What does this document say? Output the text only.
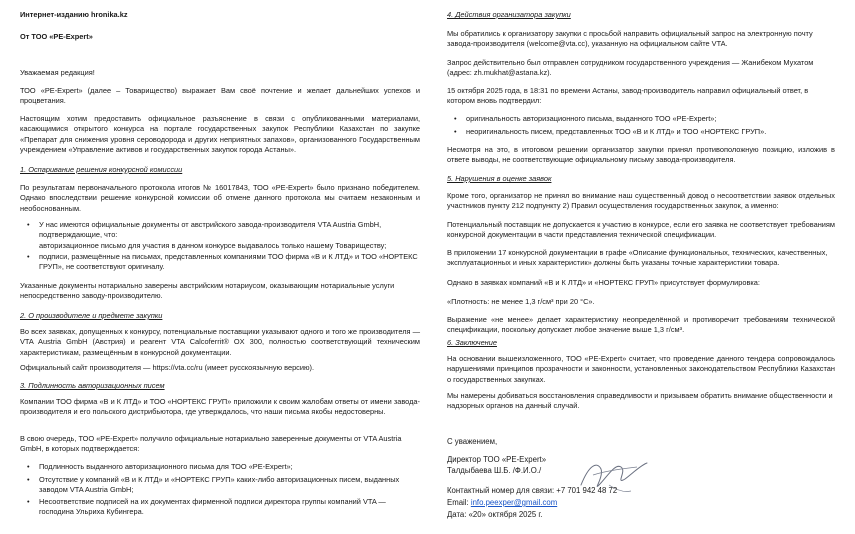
Интернет-изданию hronika.kz

От ТОО «PE-Expert»

Уважаемая редакция!

ТОО «PE-Expert» (далее – Товарищество) выражает Вам своё почтение и желает дальнейших успехов и процветания.

Настоящим хотим предоставить официальное разъяснение в связи с опубликованными материалами, касающимися открытого конкурса на портале государственных закупок Республики Казахстан по закупке «Препарат для снижения уровня сероводорода и других неприятных запахов», организованного Государственным учреждением «Управление активов и государственных закупок города Астаны».

1. Оспаривание решения конкурсной комиссии

По результатам первоначального протокола итогов № 16017843, ТОО «PE-Expert» было признано победителем. Однако впоследствии решение конкурсной комиссии об отмене данного протокола мы считаем незаконным и необоснованным.

• У нас имеются официальные документы от австрийского завода-производителя VTA Austria GmbH, подтверждающие, что:

авторизационное письмо для участия в данном конкурсе выдавалось только нашему Товариществу;

• подписи, размещённые на письмах, представленных компаниями ТОО фирма «В и К ЛТД» и ТОО «НОРТЕКС ГРУП», не соответствуют оригиналу.

Указанные документы нотариально заверены австрийским нотариусом, оказывающим нотариальные услуги непосредственно заводу-производителю.

2. О производителе и предмете закупки

Во всех заявках, допущенных к конкурсу, потенциальные поставщики указывают одного и того же производителя — VTA Austria GmbH (Австрия) и реагент VTA Calcoferrit® OX 300, полностью соответствующий техническим характеристикам, размещённым в конкурсной документации.

Официальный сайт производителя — https://vta.cc/ru (имеет русскоязычную версию).

3. Подлинность авторизационных писем

Компании ТОО фирма «В и К ЛТД» и ТОО «НОРТЕКС ГРУП» приложили к своим жалобам ответы от имени завода-производителя и его польского дистрибьютора, где утверждалось, что наши письма якобы недостоверны.

В свою очередь, ТОО «PE-Expert» получило официальные нотариально заверенные документы от VTA Austria GmbH, в которых подтверждается:

• Подлинность выданного авторизационного письма для ТОО «PE-Expert»;

• Отсутствие у компаний «В и К ЛТД» и «НОРТЕКС ГРУП» каких-либо авторизационных писем, выданных заводом VTA Austria GmbH;

• Несоответствие подписей на их документах фирменной подписи директора группы компаний VTA — господина Ульриха Кубингера.

4. Действия организатора закупки

Мы обратились к организатору закупки с просьбой направить официальный запрос на электронную почту завода-производителя (welcome@vta.cc), указанную на официальном сайте VTA.

Запрос действительно был отправлен сотрудником государственного учреждения — Жанибеком Мухатом (адрес: zh.mukhat@astana.kz).

15 октября 2025 года, в 18:31 по времени Астаны, завод-производитель направил официальный ответ, в котором вновь подтвердил:

• оригинальность авторизационного письма, выданного ТОО «PE-Expert»;

• неоригинальность писем, представленных ТОО «В и К ЛТД» и ТОО «НОРТЕКС ГРУП».

Несмотря на это, в итоговом решении организатор закупки принял противоположную позицию, изложив в ответе выводы, не соответствующие официальному письму завода-производителя.

5. Нарушения в оценке заявок

Кроме того, организатор не принял во внимание наш существенный довод о несоответствии заявок отдельных участников пункту 212 подпункту 2) Правил осуществления государственных закупок, а именно:

Потенциальный поставщик не допускается к участию в конкурсе, если его заявка не соответствует требованиям конкурсной документации в части представления технической спецификации.

В приложении 17 конкурсной документации в графе «Описание функциональных, технических, качественных, эксплуатационных и иных характеристик» должны быть указаны точные характеристики товара.

Однако в заявках компаний «В и К ЛТД» и «НОРТЕКС ГРУП» присутствует формулировка:

«Плотность: не менее 1,3 г/см³ при 20 °С».

Выражение «не менее» делает характеристику неопределённой и противоречит требованиям технической спецификации, поскольку допускает любое значение выше 1,3 г/см³.

6. Заключение

На основании вышеизложенного, ТОО «PE-Expert» считает, что проведение данного тендера сопровождалось нарушениями принципов прозрачности и законности, установленных законодательством Республики Казахстан о государственных закупках.

Мы намерены добиваться восстановления справедливости и призываем обратить внимание общественности и надзорных органов на данный случай.

С уважением,

Директор ТОО «PE-Expert»

Талдыбаева Ш.Б. /Ф.И.О./

Контактный номер для связи: +7 701 942 48 72

Email: info.peexper@gmail.com

Дата: «20» октября 2025 г.
